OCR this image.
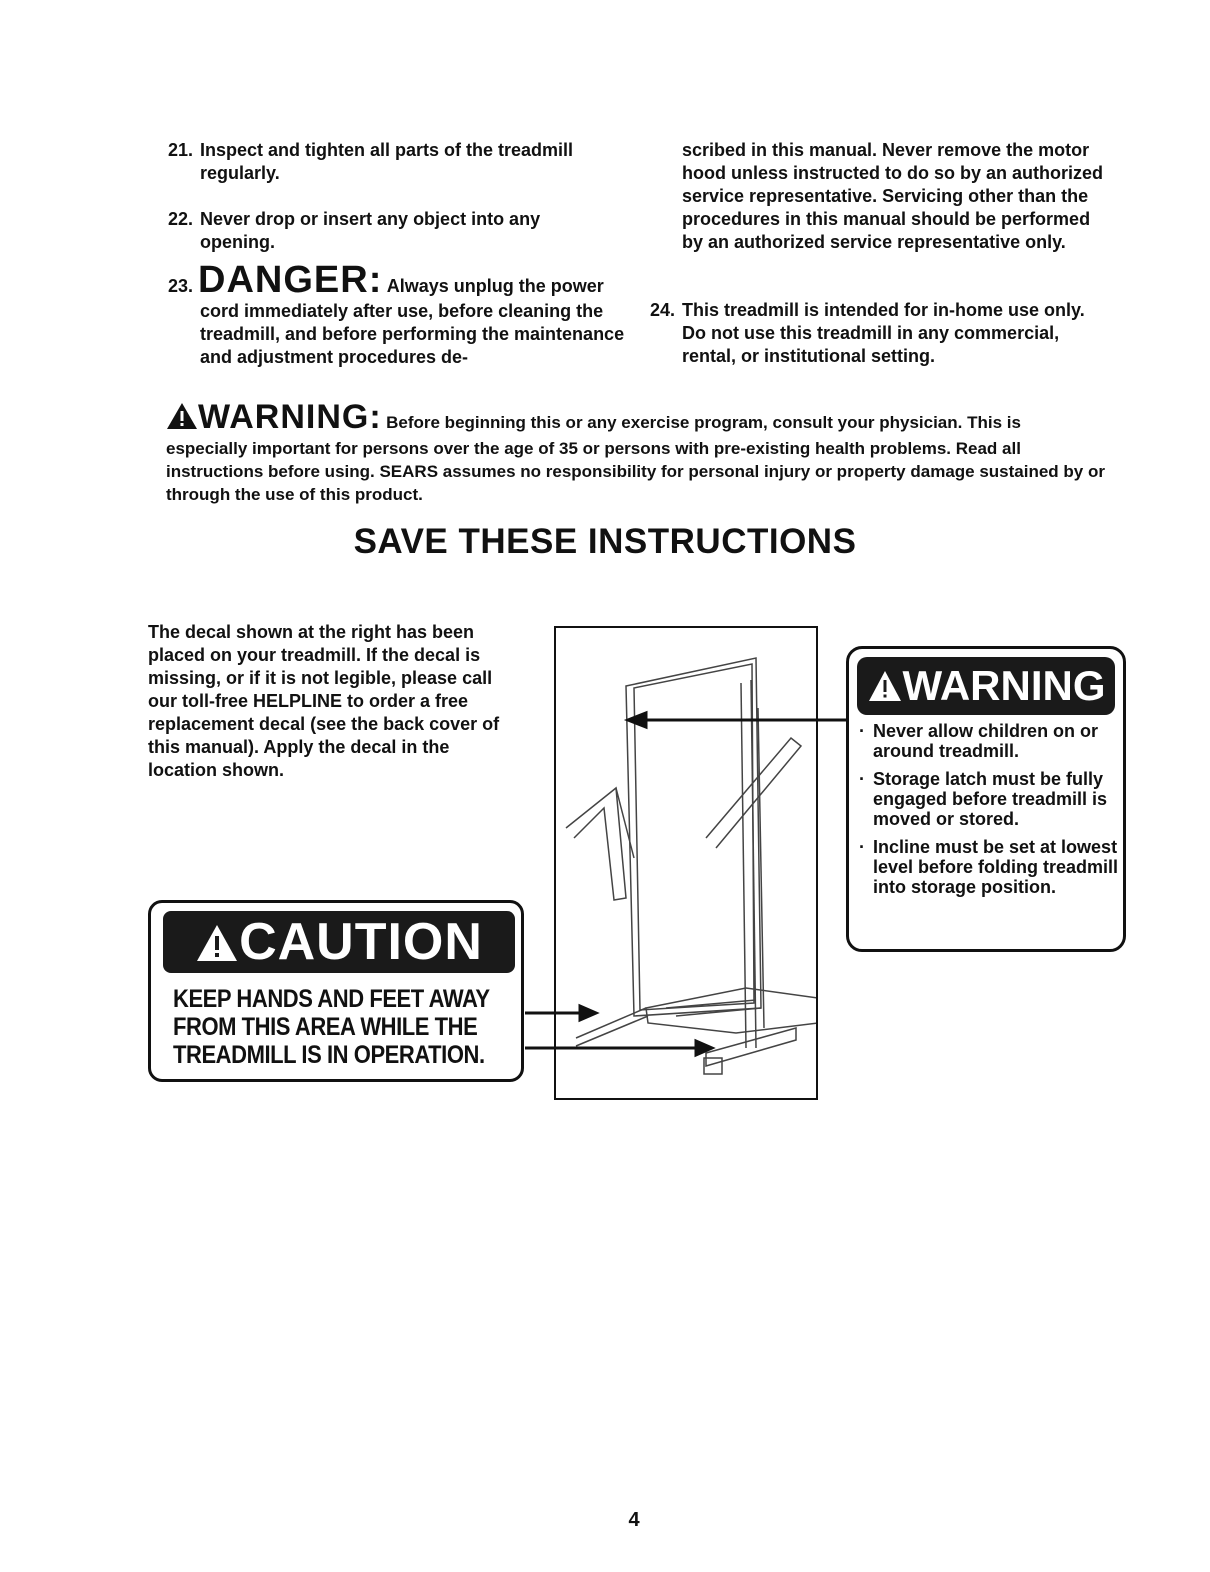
21. Inspect and tighten all parts of the treadmill regularly.
22. Never drop or insert any object into any opening.
23. DANGER: Always unplug the power
cord immediately after use, before cleaning the treadmill, and before performing the maintenance and adjustment procedures de-
scribed in this manual. Never remove the motor hood unless instructed to do so by an authorized service representative. Servicing other than the procedures in this manual should be performed by an authorized service representative only.
24. This treadmill is intended for in-home use only. Do not use this treadmill in any commercial, rental, or institutional setting.
WARNING: Before beginning this or any exercise program, consult your physician. This is especially important for persons over the age of 35 or persons with pre-existing health problems. Read all instructions before using. SEARS assumes no responsibility for personal injury or property damage sustained by or through the use of this product.
SAVE THESE INSTRUCTIONS
The decal shown at the right has been placed on your treadmill. If the decal is missing, or if it is not legible, please call our toll-free HELPLINE to order a free replacement decal (see the back cover of this manual). Apply the decal in the location shown.
CAUTION
KEEP HANDS AND FEET AWAY
FROM THIS AREA WHILE THE
TREADMILL IS IN OPERATION.
WARNING
· Never allow children on or around treadmill.
· Storage latch must be fully engaged before treadmill is moved or stored.
· Incline must be set at lowest level before folding treadmill into storage position.
4
